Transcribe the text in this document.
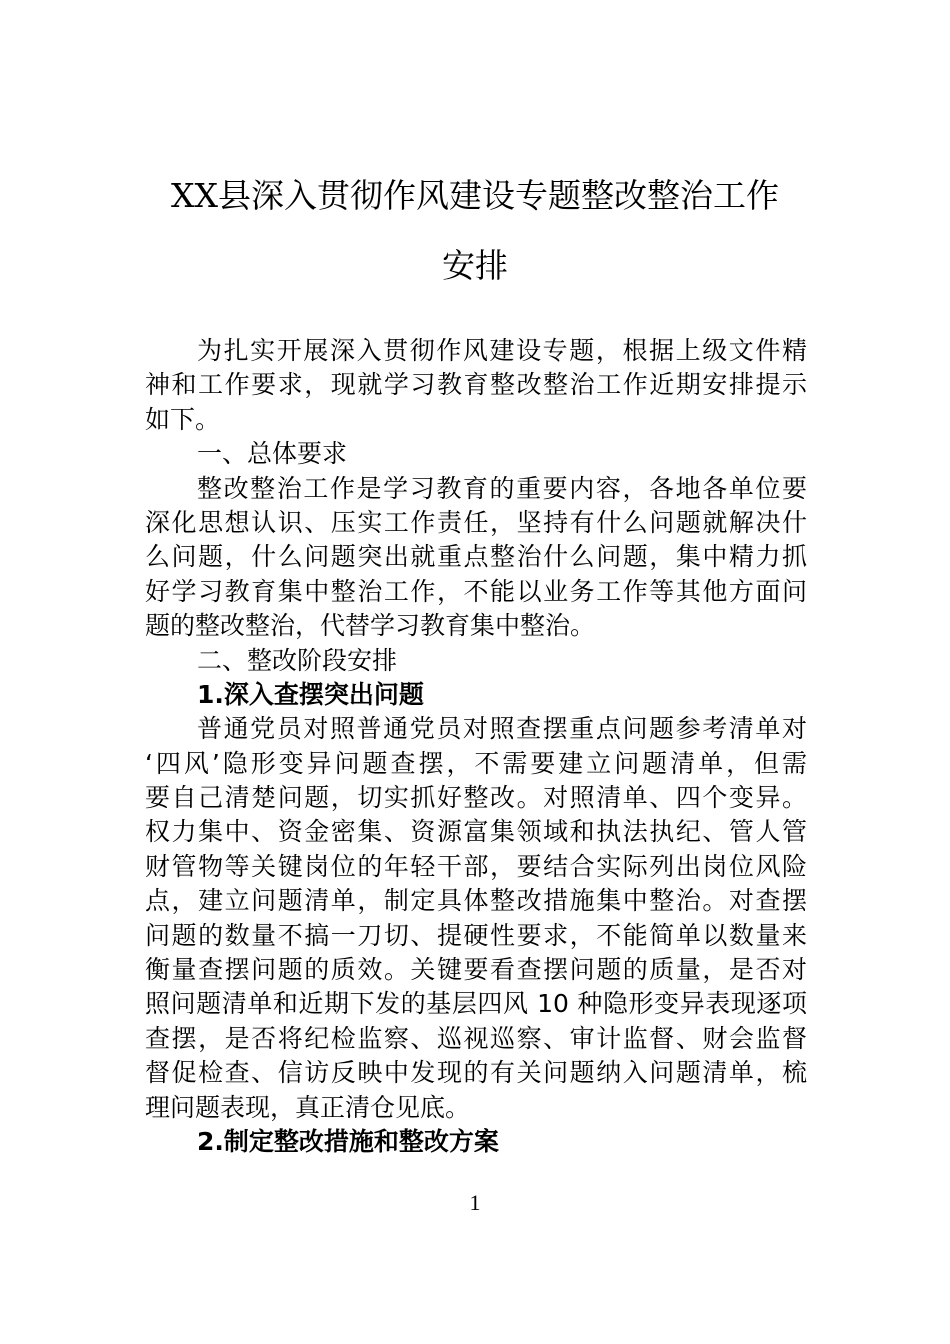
XX县深入贯彻作风建设专题整改整治工作
安排
为扎实开展深入贯彻作风建设专题，根据上级文件精
神和工作要求，现就学习教育整改整治工作近期安排提示
如下。
一、总体要求
整改整治工作是学习教育的重要内容，各地各单位要
深化思想认识、压实工作责任，坚持有什么问题就解决什
么问题，什么问题突出就重点整治什么问题，集中精力抓
好学习教育集中整治工作，不能以业务工作等其他方面问
题的整改整治，代替学习教育集中整治。
二、整改阶段安排
1.深入查摆突出问题
普通党员对照普通党员对照查摆重点问题参考清单对
‘四风’隐形变异问题查摆，不需要建立问题清单，但需
要自己清楚问题，切实抓好整改。对照清单、四个变异。
权力集中、资金密集、资源富集领域和执法执纪、管人管
财管物等关键岗位的年轻干部，要结合实际列出岗位风险
点，建立问题清单，制定具体整改措施集中整治。对查摆
问题的数量不搞一刀切、提硬性要求，不能简单以数量来
衡量查摆问题的质效。关键要看查摆问题的质量，是否对
照问题清单和近期下发的基层四风 10 种隐形变异表现逐项
查摆，是否将纪检监察、巡视巡察、审计监督、财会监督
督促检查、信访反映中发现的有关问题纳入问题清单，梳
理问题表现，真正清仓见底。
2.制定整改措施和整改方案
1
